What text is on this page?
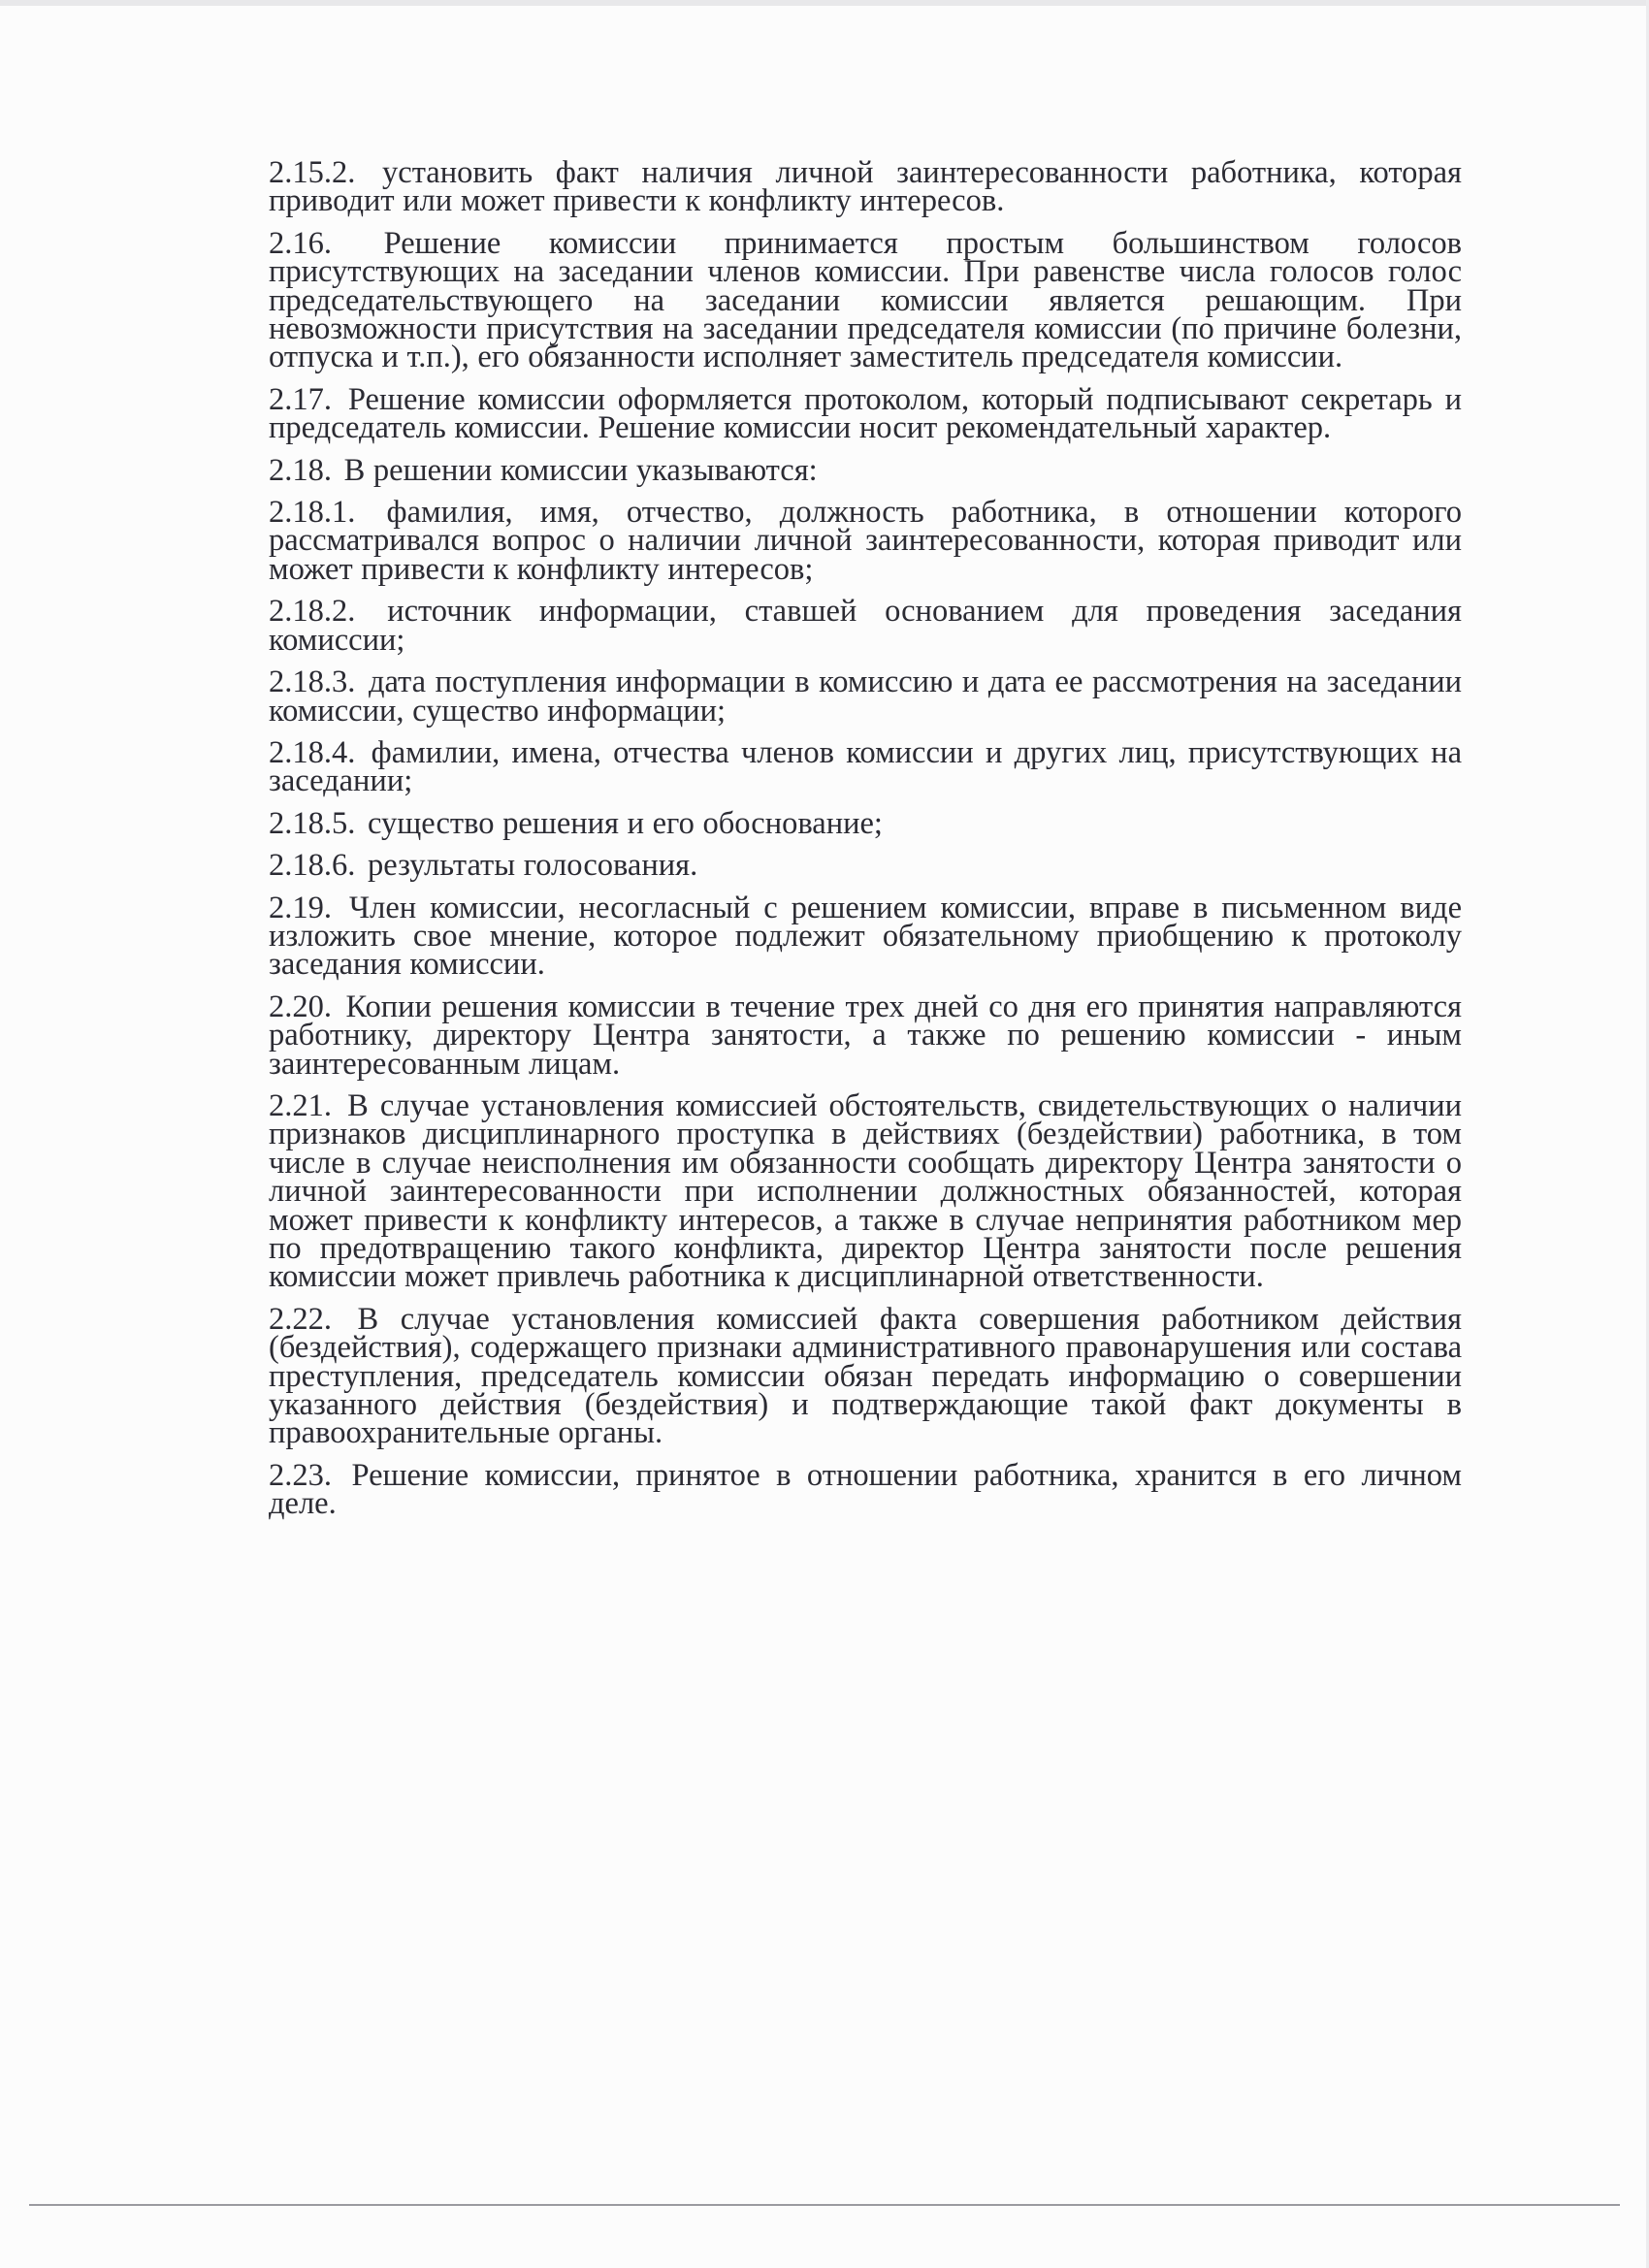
2.15.2. установить факт наличия личной заинтересованности работника, которая приводит или может привести к конфликту интересов.

2.16. Решение комиссии принимается простым большинством голосов присутствующих на заседании членов комиссии. При равенстве числа голосов голос председательствующего на заседании комиссии является решающим. При невозможности присутствия на заседании председателя комиссии (по причине болезни, отпуска и т.п.), его обязанности исполняет заместитель председателя комиссии.

2.17. Решение комиссии оформляется протоколом, который подписывают секретарь и председатель комиссии. Решение комиссии носит рекомендательный характер.

2.18. В решении комиссии указываются:

2.18.1. фамилия, имя, отчество, должность работника, в отношении которого рассматривался вопрос о наличии личной заинтересованности, которая приводит или может привести к конфликту интересов;

2.18.2. источник информации, ставшей основанием для проведения заседания комиссии;

2.18.3. дата поступления информации в комиссию и дата ее рассмотрения на заседании комиссии, существо информации;

2.18.4. фамилии, имена, отчества членов комиссии и других лиц, присутствующих на заседании;

2.18.5. существо решения и его обоснование;

2.18.6. результаты голосования.

2.19. Член комиссии, несогласный с решением комиссии, вправе в письменном виде изложить свое мнение, которое подлежит обязательному приобщению к протоколу заседания комиссии.

2.20. Копии решения комиссии в течение трех дней со дня его принятия направляются работнику, директору Центра занятости, а также по решению комиссии - иным заинтересованным лицам.

2.21. В случае установления комиссией обстоятельств, свидетельствующих о наличии признаков дисциплинарного проступка в действиях (бездействии) работника, в том числе в случае неисполнения им обязанности сообщать директору Центра занятости о личной заинтересованности при исполнении должностных обязанностей, которая может привести к конфликту интересов, а также в случае непринятия работником мер по предотвращению такого конфликта, директор Центра занятости после решения комиссии может привлечь работника к дисциплинарной ответственности.

2.22. В случае установления комиссией факта совершения работником действия (бездействия), содержащего признаки административного правонарушения или состава преступления, председатель комиссии обязан передать информацию о совершении указанного действия (бездействия) и подтверждающие такой факт документы в правоохранительные органы.

2.23. Решение комиссии, принятое в отношении работника, хранится в его личном деле.
